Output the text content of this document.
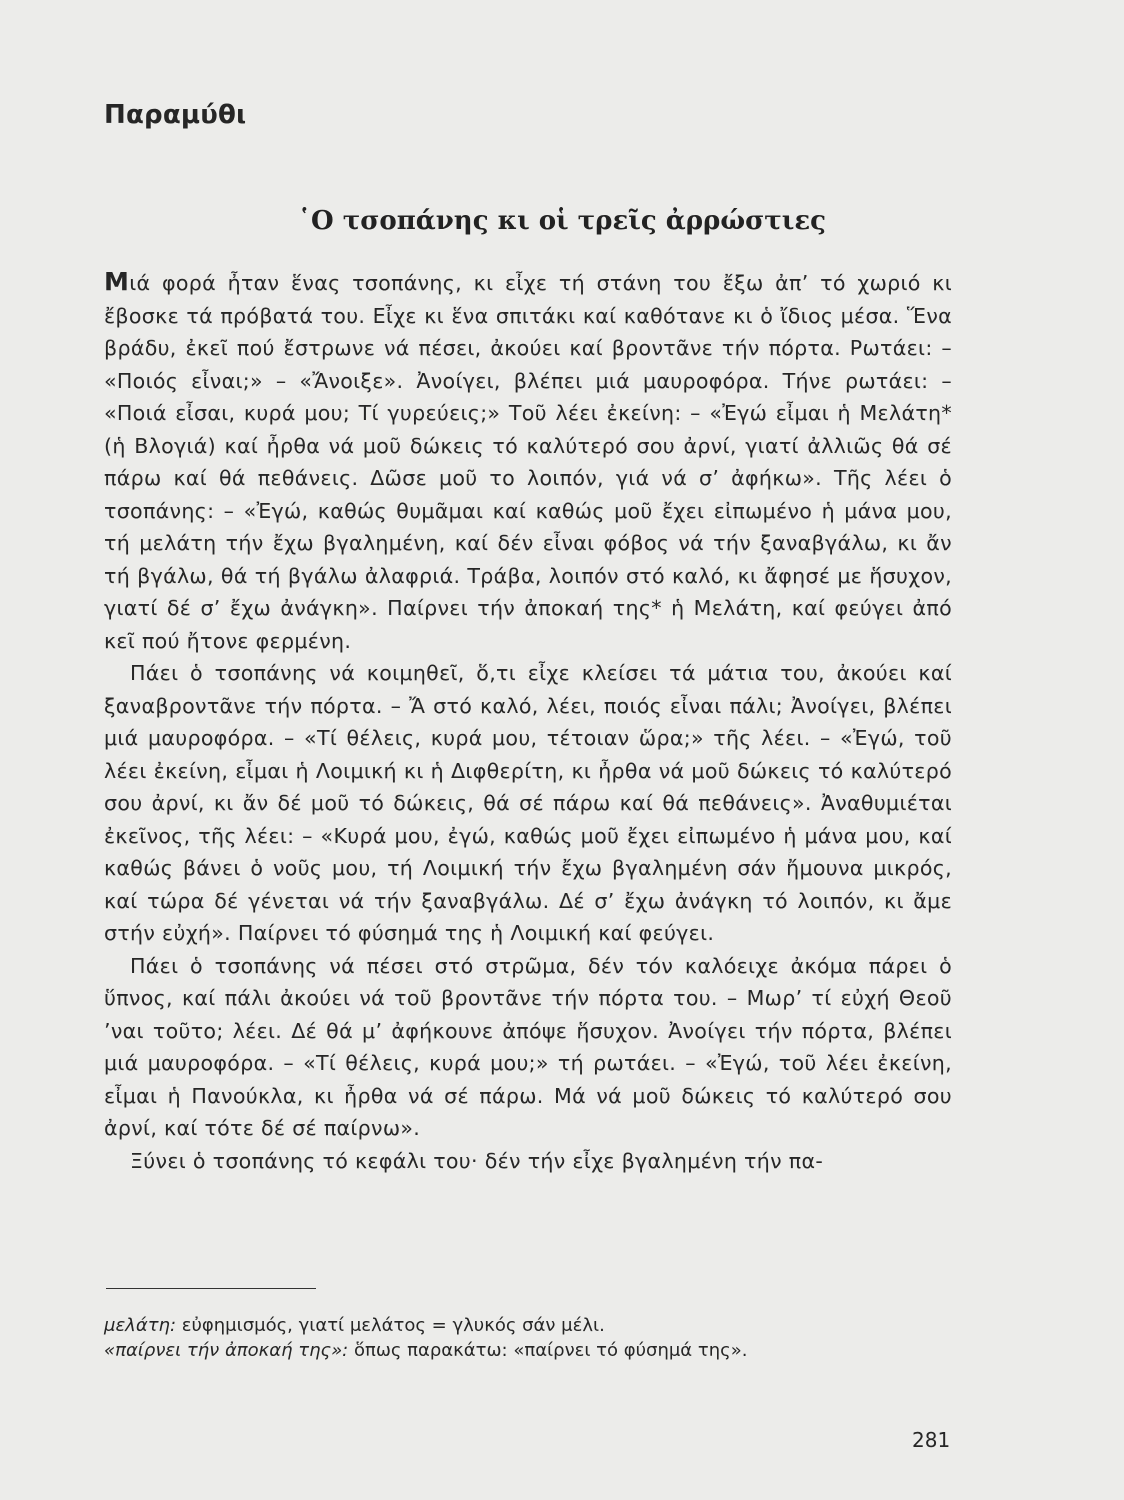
Παραμύθι
῾Ο τσοπάνης κι οἱ τρεῖς ἀρρώστιες

Μιά φορά ἦταν ἕνας τσοπάνης, κι εἶχε τή στάνη του ἔξω ἀπ’ τό χωριό κι ἔβοσκε τά πρόβατά του. Εἶχε κι ἕνα σπιτάκι καί καθότανε κι ὁ ἴδιος μέσα. Ἕνα βράδυ, ἐκεῖ πού ἔστρωνε νά πέσει, ἀκούει καί βροντᾶνε τήν πόρτα. Ρωτάει: – «Ποιός εἶναι;» – «Ἄνοιξε». Ἀνοίγει, βλέπει μιά μαυροφόρα. Τήνε ρωτάει: – «Ποιά εἶσαι, κυρά μου; Τί γυρεύεις;» Τοῦ λέει ἐκείνη: – «Ἐγώ εἶμαι ἡ Μελάτη* (ἡ Βλογιά) καί ἦρθα νά μοῦ δώκεις τό καλύτερό σου ἀρνί, γιατί ἀλλιῶς θά σέ πάρω καί θά πεθάνεις. Δῶσε μοῦ το λοιπόν, γιά νά σ’ ἀφήκω». Τῆς λέει ὁ τσοπάνης: – «Ἐγώ, καθώς θυμᾶμαι καί καθώς μοῦ ἔχει εἰπωμένο ἡ μάνα μου, τή μελάτη τήν ἔχω βγαλημένη, καί δέν εἶναι φόβος νά τήν ξαναβγάλω, κι ἄν τή βγάλω, θά τή βγάλω ἀλαφριά. Τράβα, λοιπόν στό καλό, κι ἄφησέ με ἥσυχον, γιατί δέ σ’ ἔχω ἀνάγκη». Παίρνει τήν ἀποκαή της* ἡ Μελάτη, καί φεύγει ἀπό κεῖ πού ἤτονε φερμένη.

Πάει ὁ τσοπάνης νά κοιμηθεῖ, ὅ,τι εἶχε κλείσει τά μάτια του, ἀκούει καί ξαναβροντᾶνε τήν πόρτα. – Ἄ στό καλό, λέει, ποιός εἶναι πάλι; Ἀνοίγει, βλέπει μιά μαυροφόρα. – «Τί θέλεις, κυρά μου, τέτοιαν ὥρα;» τῆς λέει. – «Ἐγώ, τοῦ λέει ἐκείνη, εἶμαι ἡ Λοιμική κι ἡ Διφθερίτη, κι ἦρθα νά μοῦ δώκεις τό καλύτερό σου ἀρνί, κι ἄν δέ μοῦ τό δώκεις, θά σέ πάρω καί θά πεθάνεις». Ἀναθυμιέται ἐκεῖνος, τῆς λέει: – «Κυρά μου, ἐγώ, καθώς μοῦ ἔχει εἰπωμένο ἡ μάνα μου, καί καθώς βάνει ὁ νοῦς μου, τή Λοιμική τήν ἔχω βγαλημένη σάν ἤμουνα μικρός, καί τώρα δέ γένεται νά τήν ξαναβγάλω. Δέ σ’ ἔχω ἀνάγκη τό λοιπόν, κι ἄμε στήν εὐχή». Παίρνει τό φύσημά της ἡ Λοιμική καί φεύγει.

Πάει ὁ τσοπάνης νά πέσει στό στρῶμα, δέν τόν καλόειχε ἀκόμα πάρει ὁ ὕπνος, καί πάλι ἀκούει νά τοῦ βροντᾶνε τήν πόρτα του. – Μωρ’ τί εὐχή Θεοῦ ’ναι τοῦτο; λέει. Δέ θά μ’ ἀφήκουνε ἀπόψε ἥσυχον. Ἀνοίγει τήν πόρτα, βλέπει μιά μαυροφόρα. – «Τί θέλεις, κυρά μου;» τή ρωτάει. – «Ἐγώ, τοῦ λέει ἐκείνη, εἶμαι ἡ Πανούκλα, κι ἦρθα νά σέ πάρω. Μά νά μοῦ δώκεις τό καλύτερό σου ἀρνί, καί τότε δέ σέ παίρνω».

Ξύνει ὁ τσοπάνης τό κεφάλι του· δέν τήν εἶχε βγαλημένη τήν πα-

μελάτη: εὐφημισμός, γιατί μελάτος = γλυκός σάν μέλι.
«παίρνει τήν ἀποκαή της»: ὅπως παρακάτω: «παίρνει τό φύσημά της».

281
